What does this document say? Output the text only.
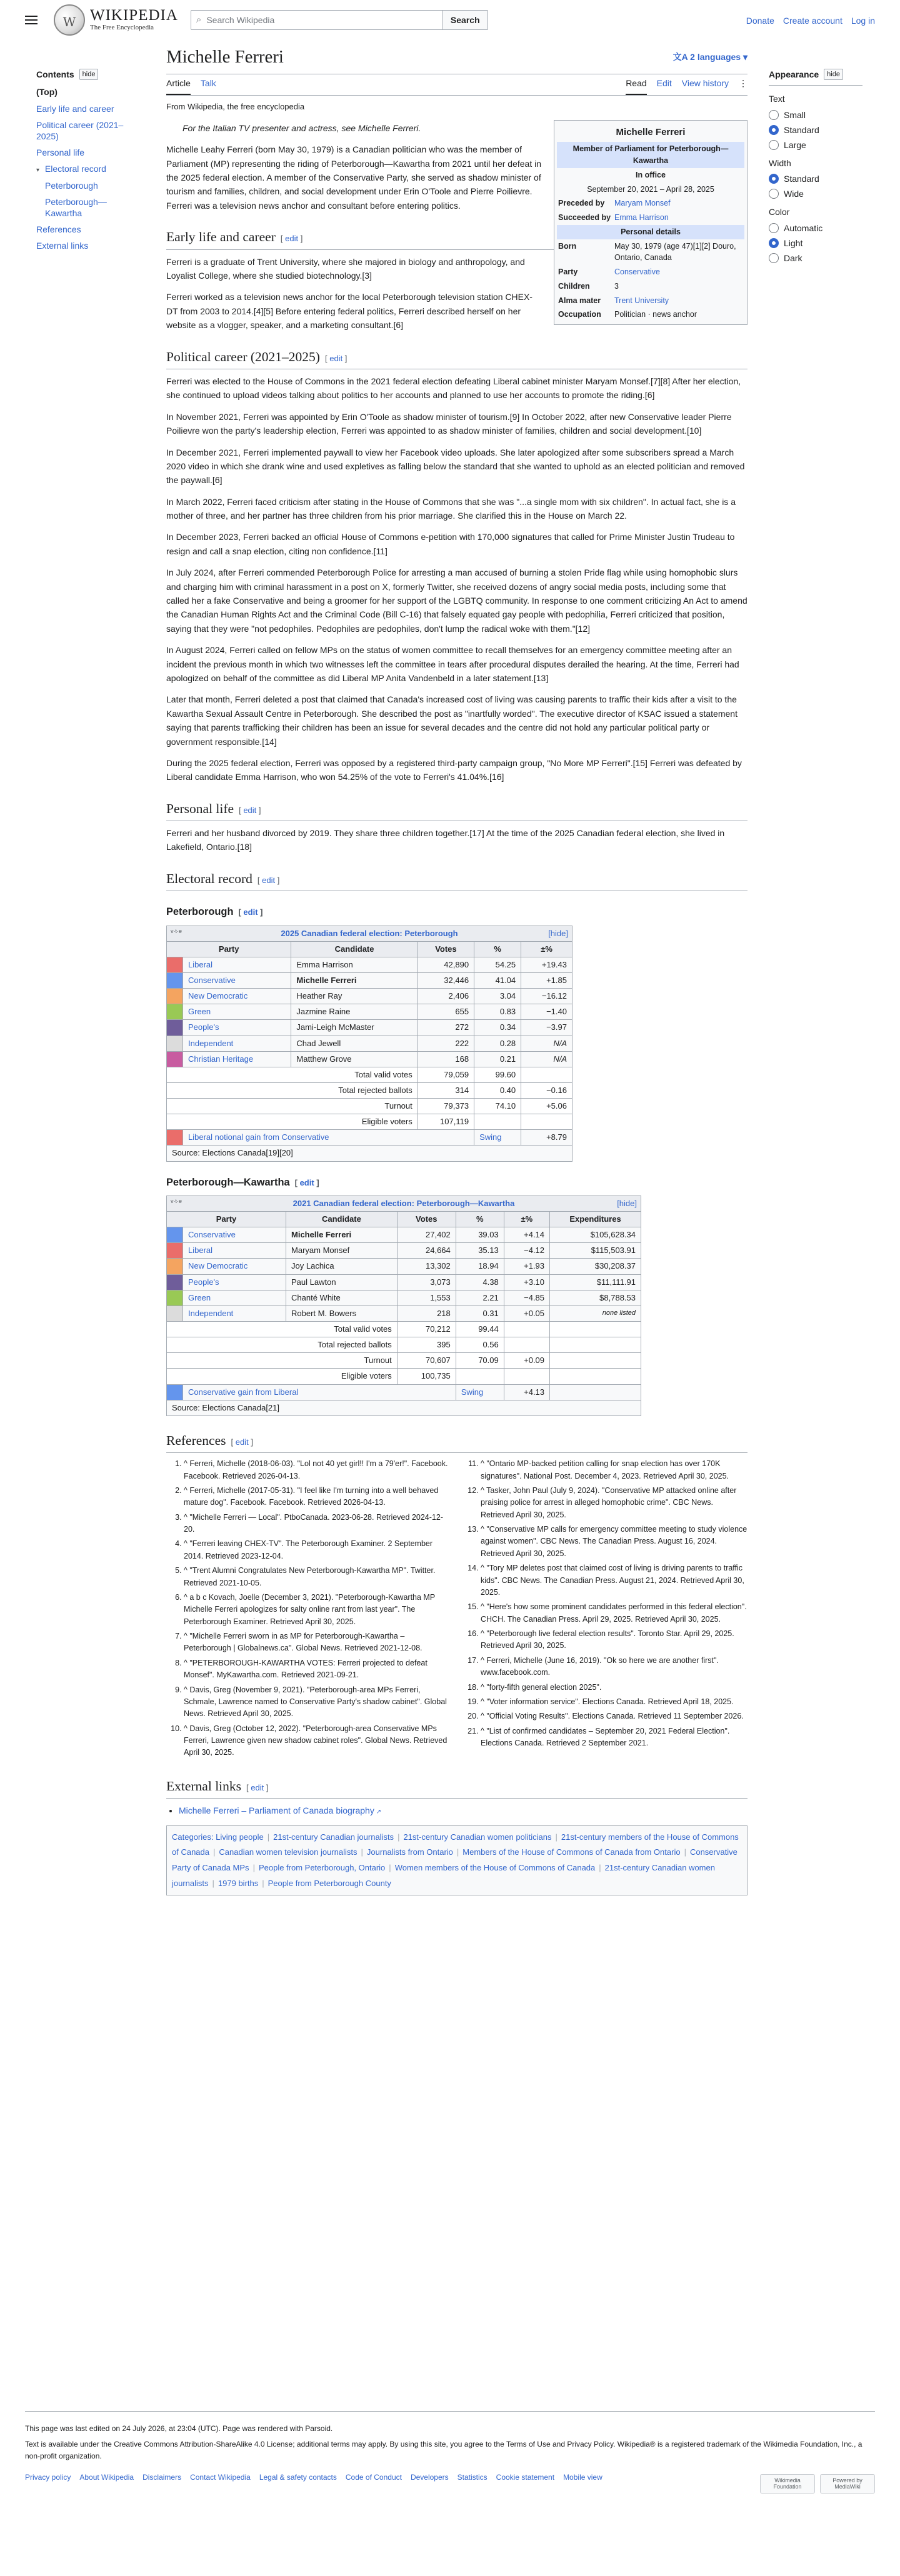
W
WIKIPEDIA
The Free Encyclopedia
⌕ Search Wikipedia	Search	Donate Create account Log in
Contents	hide
(Top)
Early life and career
Political career (2021–2025)
Personal life
▾ Electoral record
Peterborough
Peterborough—Kawartha
References
External links
Appearance	hide
Text
Small
Standard
Large
Width
Standard
Wide
Color
Automatic
Light
Dark
Michelle Ferreri	文A 2 languages ▾
Article Talk	Read Edit View history ⋮
From Wikipedia, the free encyclopedia
Michelle Ferreri
Member of Parliament for Peterborough—Kawartha
In office
September 20, 2021 – April 28, 2025
Preceded by	Maryam Monsef
Succeeded by Emma Harrison
Personal details
Born	May 30, 1979 (age 47)[1][2] Douro, Ontario, Canada
Party	Conservative
Children	3
Alma mater	Trent University
Occupation	Politician · news anchor
For the Italian TV presenter and actress, see Michelle Ferreri.

Michelle Leahy Ferreri (born May 30, 1979) is a Canadian politician who was the member of Parliament (MP) representing the riding of Peterborough—Kawartha from 2021 until her defeat in the 2025 federal election. A member of the Conservative Party, she served as shadow minister of tourism and families, children, and social development under Erin O'Toole and Pierre Poilievre. Ferreri was a television news anchor and consultant before entering politics.

Early life and career [ edit ]

Ferreri is a graduate of Trent University, where she majored in biology and anthropology, and Loyalist College, where she studied biotechnology.[3]

Ferreri worked as a television news anchor for the local Peterborough television station CHEX-DT from 2003 to 2014.[4][5] Before entering federal politics, Ferreri described herself on her website as a vlogger, speaker, and a marketing consultant.[6]

Political career (2021–2025) [ edit ]

Ferreri was elected to the House of Commons in the 2021 federal election defeating Liberal cabinet minister Maryam Monsef.[7][8] After her election, she continued to upload videos talking about politics to her accounts and planned to use her accounts to promote the riding.[6]

In November 2021, Ferreri was appointed by Erin O'Toole as shadow minister of tourism.[9] In October 2022, after new Conservative leader Pierre Poilievre won the party's leadership election, Ferreri was appointed to as shadow minister of families, children and social development.[10]

In December 2021, Ferreri implemented paywall to view her Facebook video uploads. She later apologized after some subscribers spread a March 2020 video in which she drank wine and used expletives as falling below the standard that she wanted to uphold as an elected politician and removed the paywall.[6]

In March 2022, Ferreri faced criticism after stating in the House of Commons that she was "...a single mom with six children". In actual fact, she is a mother of three, and her partner has three children from his prior marriage. She clarified this in the House on March 22.

In December 2023, Ferreri backed an official House of Commons e-petition with 170,000 signatures that called for Prime Minister Justin Trudeau to resign and call a snap election, citing non confidence.[11]

In July 2024, after Ferreri commended Peterborough Police for arresting a man accused of burning a stolen Pride flag while using homophobic slurs and charging him with criminal harassment in a post on X, formerly Twitter, she received dozens of angry social media posts, including some that called her a fake Conservative and being a groomer for her support of the LGBTQ community. In response to one comment criticizing An Act to amend the Canadian Human Rights Act and the Criminal Code (Bill C-16) that falsely equated gay people with pedophilia, Ferreri criticized that position, saying that they were "not pedophiles. Pedophiles are pedophiles, don't lump the radical woke with them."[12]

In August 2024, Ferreri called on fellow MPs on the status of women committee to recall themselves for an emergency committee meeting after an incident the previous month in which two witnesses left the committee in tears after procedural disputes derailed the hearing. At the time, Ferreri had apologized on behalf of the committee as did Liberal MP Anita Vandenbeld in a later statement.[13]

Later that month, Ferreri deleted a post that claimed that Canada's increased cost of living was causing parents to traffic their kids after a visit to the Kawartha Sexual Assault Centre in Peterborough. She described the post as "inartfully worded". The executive director of KSAC issued a statement saying that parents trafficking their children has been an issue for several decades and the centre did not hold any particular political party or government responsible.[14]

During the 2025 federal election, Ferreri was opposed by a registered third-party campaign group, "No More MP Ferreri".[15] Ferreri was defeated by Liberal candidate Emma Harrison, who won 54.25% of the vote to Ferreri's 41.04%.[16]

Personal life [ edit ]

Ferreri and her husband divorced by 2019. They share three children together.[17] At the time of the 2025 Canadian federal election, she lived in Lakefield, Ontario.[18]

Electoral record [ edit ]
Peterborough [ edit ]
v·t·e 2025 Canadian federal election: Peterborough [hide]					

Party		Candidate	Votes	%	±%
	Liberal	Emma Harrison	42,890	54.25	+19.43
	Conservative	Michelle Ferreri	32,446	41.04	+1.85
	New Democratic	Heather Ray	2,406	3.04	−16.12
	Green	Jazmine Raine	655	0.83	−1.40
	People's	Jami-Leigh McMaster	272	0.34	−3.97
	Independent	Chad Jewell	222	0.28	N/A
	Christian Heritage	Matthew Grove	168	0.21	N/A
Total valid votes			79,059	99.60	
Total rejected ballots			314	0.40	−0.16
Turnout			79,373	74.10	+5.06
Eligible voters			107,119		
	Liberal notional gain from Conservative			Swing	+8.79
Source: Elections Canada[19][20]					
Peterborough—Kawartha [ edit ]
v·t·e 2021 Canadian federal election: Peterborough—Kawartha [hide]						

Party		Candidate	Votes	%	±%	Expenditures
	Conservative	Michelle Ferreri	27,402	39.03	+4.14	$105,628.34
	Liberal	Maryam Monsef	24,664	35.13	−4.12	$115,503.91
	New Democratic	Joy Lachica	13,302	18.94	+1.93	$30,208.37
	People's	Paul Lawton	3,073	4.38	+3.10	$11,111.91
	Green	Chanté White	1,553	2.21	−4.85	$8,788.53
	Independent	Robert M. Bowers	218	0.31	+0.05	none listed
Total valid votes			70,212	99.44		
Total rejected ballots			395	0.56		
Turnout			70,607	70.09	+0.09	
Eligible voters			100,735			
	Conservative gain from Liberal			Swing	+4.13	
Source: Elections Canada[21]						
References [ edit ]
1. ^ Ferreri, Michelle (2018-06-03). "Lol not 40 yet girl!! I'm a 79'er!". Facebook. Facebook. Retrieved 2026-04-13.
2. ^ Ferreri, Michelle (2017-05-31). "I feel like I'm turning into a well behaved mature dog". Facebook. Facebook. Retrieved 2026-04-13.
3. ^ "Michelle Ferreri — Local". PtboCanada. 2023-06-28. Retrieved 2024-12-20.
4. ^ "Ferreri leaving CHEX-TV". The Peterborough Examiner. 2 September 2014. Retrieved 2023-12-04.
5. ^ "Trent Alumni Congratulates New Peterborough-Kawartha MP". Twitter. Retrieved 2021-10-05.
6. ^ a b c Kovach, Joelle (December 3, 2021). "Peterborough-Kawartha MP Michelle Ferreri apologizes for salty online rant from last year". The Peterborough Examiner. Retrieved April 30, 2025.
7. ^ "Michelle Ferreri sworn in as MP for Peterborough-Kawartha – Peterborough | Globalnews.ca". Global News. Retrieved 2021-12-08.
8. ^ "PETERBOROUGH-KAWARTHA VOTES: Ferreri projected to defeat Monsef". MyKawartha.com. Retrieved 2021-09-21.
9. ^ Davis, Greg (November 9, 2021). "Peterborough-area MPs Ferreri, Schmale, Lawrence named to Conservative Party's shadow cabinet". Global News. Retrieved April 30, 2025.
10. ^ Davis, Greg (October 12, 2022). "Peterborough-area Conservative MPs Ferreri, Lawrence given new shadow cabinet roles". Global News. Retrieved April 30, 2025.
11. ^ "Ontario MP-backed petition calling for snap election has over 170K signatures". National Post. December 4, 2023. Retrieved April 30, 2025.
12. ^ Tasker, John Paul (July 9, 2024). "Conservative MP attacked online after praising police for arrest in alleged homophobic crime". CBC News. Retrieved April 30, 2025.
13. ^ "Conservative MP calls for emergency committee meeting to study violence against women". CBC News. The Canadian Press. August 16, 2024. Retrieved April 30, 2025.
14. ^ "Tory MP deletes post that claimed cost of living is driving parents to traffic kids". CBC News. The Canadian Press. August 21, 2024. Retrieved April 30, 2025.
15. ^ "Here's how some prominent candidates performed in this federal election". CHCH. The Canadian Press. April 29, 2025. Retrieved April 30, 2025.
16. ^ "Peterborough live federal election results". Toronto Star. April 29, 2025. Retrieved April 30, 2025.
17. ^ Ferreri, Michelle (June 16, 2019). "Ok so here we are another first". www.facebook.com.
18. ^ "forty-fifth general election 2025".
19. ^ "Voter information service". Elections Canada. Retrieved April 18, 2025.
20. ^ "Official Voting Results". Elections Canada. Retrieved 11 September 2026.
21. ^ "List of confirmed candidates – September 20, 2021 Federal Election". Elections Canada. Retrieved 2 September 2021.
External links [ edit ]
• Michelle Ferreri – Parliament of Canada biography ↗
Categories: Living people | 21st-century Canadian journalists | 21st-century Canadian women politicians | 21st-century members of the House of Commons of Canada | Canadian women television journalists | Journalists from Ontario | Members of the House of Commons of Canada from Ontario | Conservative Party of Canada MPs | People from Peterborough, Ontario | Women members of the House of Commons of Canada | 21st-century Canadian women journalists | 1979 births | People from Peterborough County

This page was last edited on 24 July 2026, at 23:04 (UTC). Page was rendered with Parsoid.

Text is available under the Creative Commons Attribution-ShareAlike 4.0 License; additional terms may apply. By using this site, you agree to the Terms of Use and Privacy Policy. Wikipedia® is a registered trademark of the Wikimedia Foundation, Inc., a non-profit organization.

Privacy policy About Wikipedia Disclaimers Contact Wikipedia Legal & safety contacts Code of Conduct Developers Statistics Cookie statement Mobile view	Wikimedia Foundation
Powered by MediaWiki
